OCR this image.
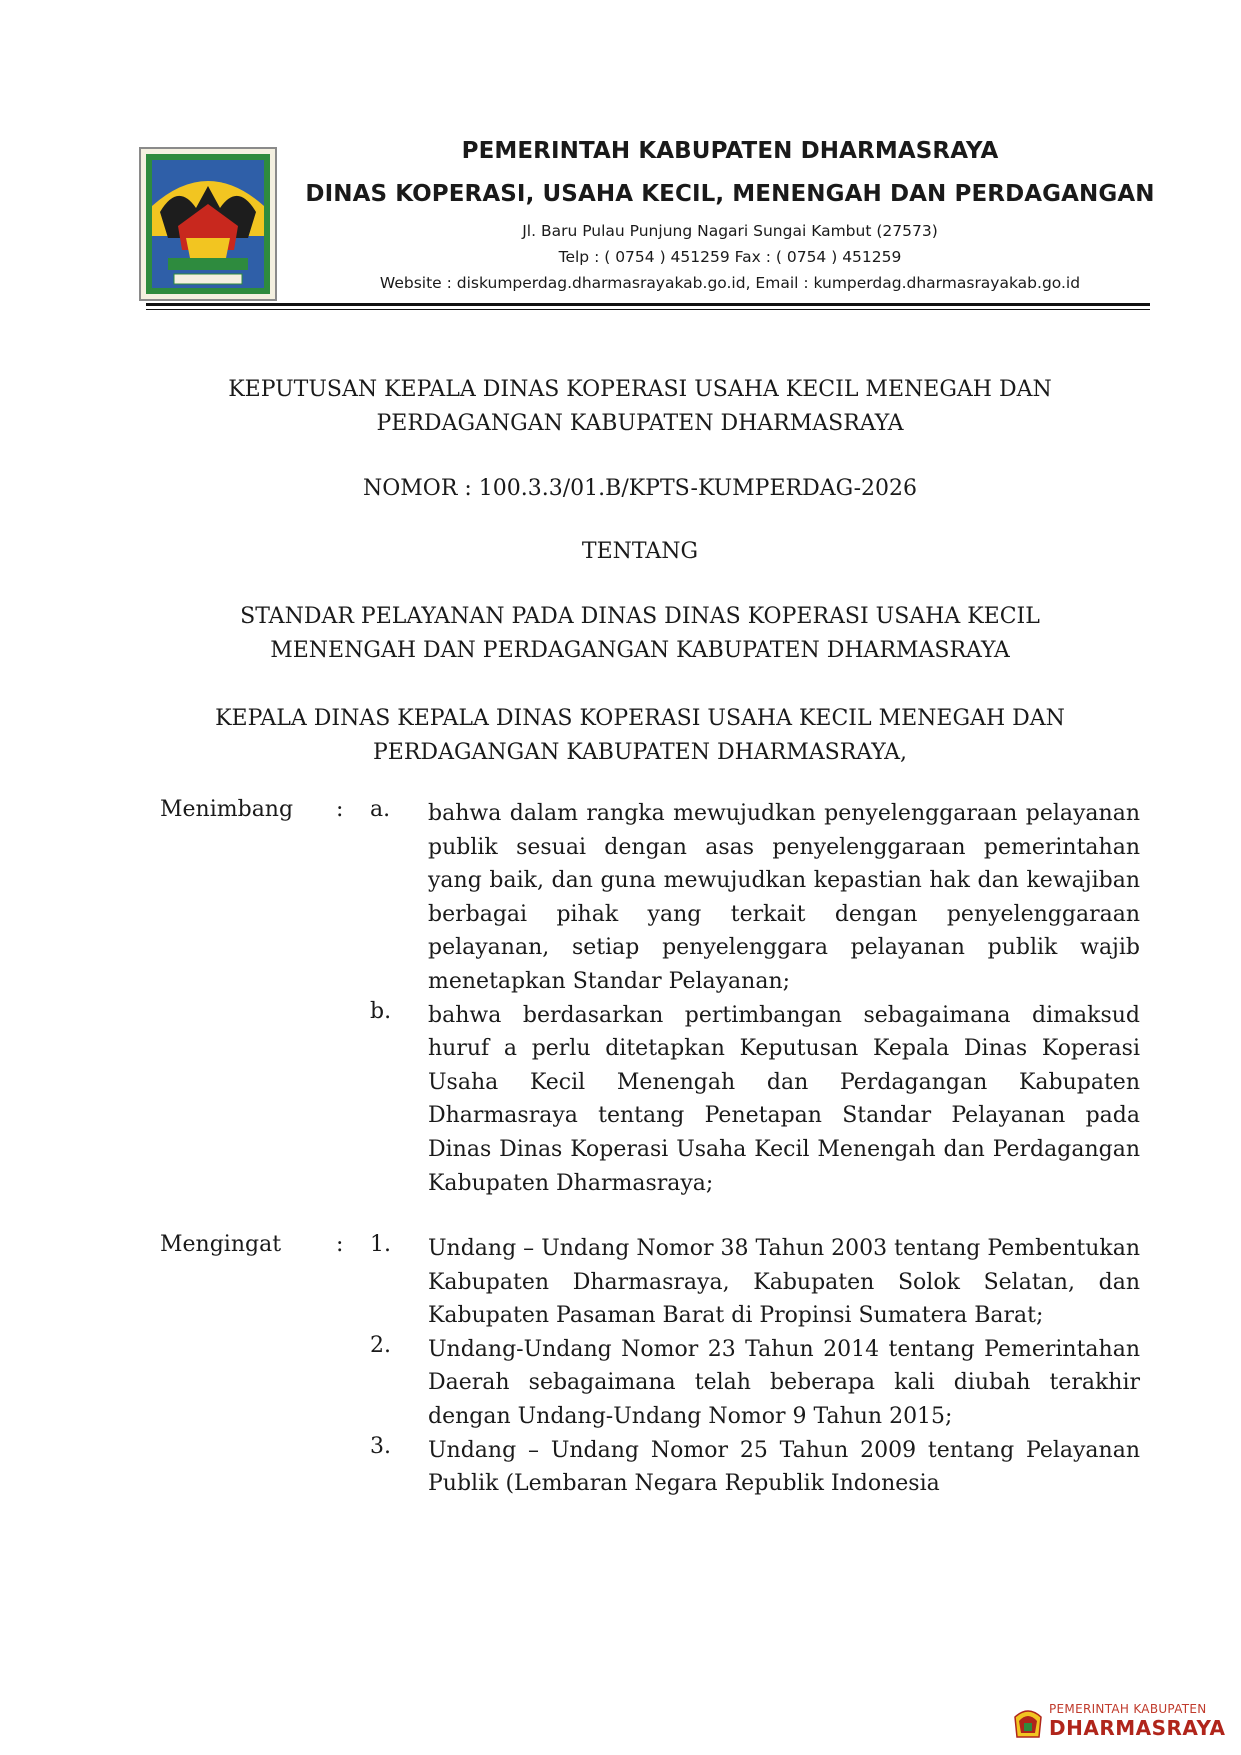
PEMERINTAH KABUPATEN DHARMASRAYA
DINAS KOPERASI, USAHA KECIL, MENENGAH DAN PERDAGANGAN
Jl. Baru Pulau Punjung Nagari Sungai Kambut (27573)
Telp : ( 0754 ) 451259 Fax : ( 0754 ) 451259
Website : diskumperdag.dharmasrayakab.go.id, Email : kumperdag.dharmasrayakab.go.id
KEPUTUSAN KEPALA DINAS KOPERASI USAHA KECIL MENEGAH DAN
PERDAGANGAN KABUPATEN DHARMASRAYA
NOMOR : 100.3.3/01.B/KPTS-KUMPERDAG-2026
TENTANG
STANDAR PELAYANAN PADA DINAS DINAS KOPERASI USAHA KECIL
MENENGAH DAN PERDAGANGAN KABUPATEN DHARMASRAYA
KEPALA DINAS KEPALA DINAS KOPERASI USAHA KECIL MENEGAH DAN
PERDAGANGAN KABUPATEN DHARMASRAYA,
Menimbang : a. bahwa dalam rangka mewujudkan penyelenggaraan pelayanan publik sesuai dengan asas penyelenggaraan pemerintahan yang baik, dan guna mewujudkan kepastian hak dan kewajiban berbagai pihak yang terkait dengan penyelenggaraan pelayanan, setiap penyelenggara pelayanan publik wajib menetapkan Standar Pelayanan;
b. bahwa berdasarkan pertimbangan sebagaimana dimaksud huruf a perlu ditetapkan Keputusan Kepala Dinas Koperasi Usaha Kecil Menengah dan Perdagangan Kabupaten Dharmasraya tentang Penetapan Standar Pelayanan pada Dinas Dinas Koperasi Usaha Kecil Menengah dan Perdagangan Kabupaten Dharmasraya;
Mengingat : 1. Undang – Undang Nomor 38 Tahun 2003 tentang Pembentukan Kabupaten Dharmasraya, Kabupaten Solok Selatan, dan Kabupaten Pasaman Barat di Propinsi Sumatera Barat;
2. Undang-Undang Nomor 23 Tahun 2014 tentang Pemerintahan Daerah sebagaimana telah beberapa kali diubah terakhir dengan Undang-Undang Nomor 9 Tahun 2015;
3. Undang – Undang Nomor 25 Tahun 2009 tentang Pelayanan Publik (Lembaran Negara Republik Indonesia
PEMERINTAH KABUPATEN
DHARMASRAYA
